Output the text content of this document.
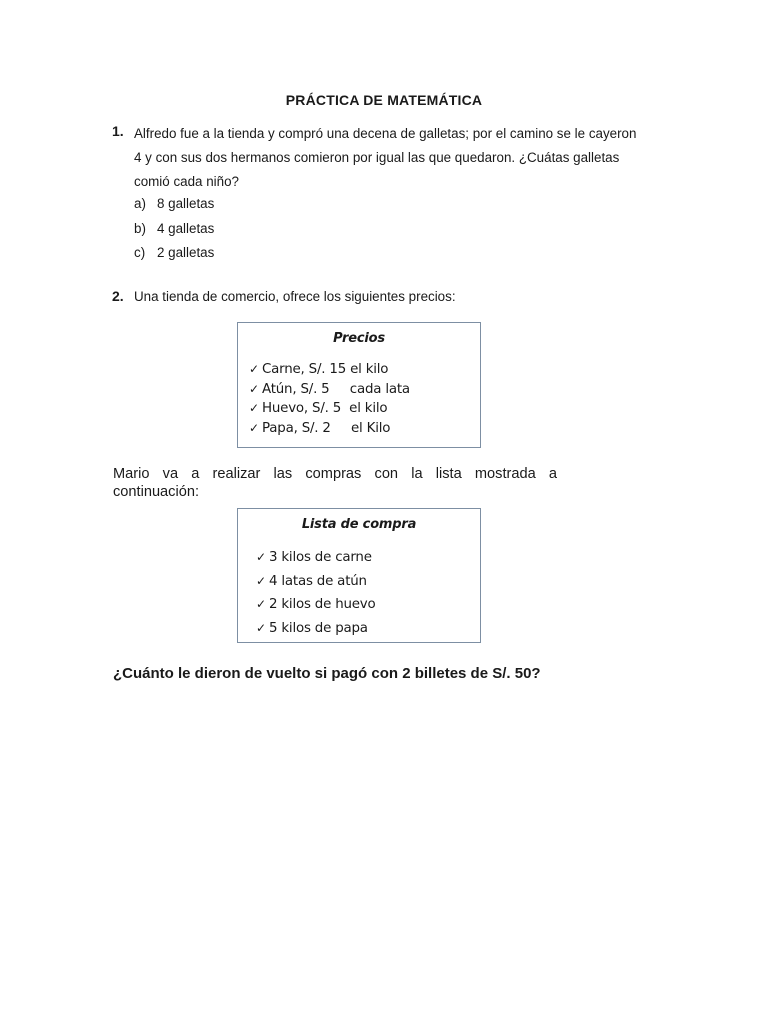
PRÁCTICA DE MATEMÁTICA
1. Alfredo fue a la tienda y compró una decena de galletas; por el camino se le cayeron
4 y con sus dos hermanos comieron por igual las que quedaron. ¿Cuátas galletas
comió cada niño?
a) 8 galletas
b) 4 galletas
c) 2 galletas
2. Una tienda de comercio, ofrece los siguientes precios:
Precios
✓ Carne, S/. 15 el kilo
✓ Atún, S/. 5     cada lata
✓ Huevo, S/. 5  el kilo
✓ Papa, S/. 2     el Kilo
Mario va a realizar las compras con la lista mostrada a
continuación:
Lista de compra
✓ 3 kilos de carne
✓ 4 latas de atún
✓ 2 kilos de huevo
✓ 5 kilos de papa
¿Cuánto le dieron de vuelto si pagó con 2 billetes de S/. 50?
